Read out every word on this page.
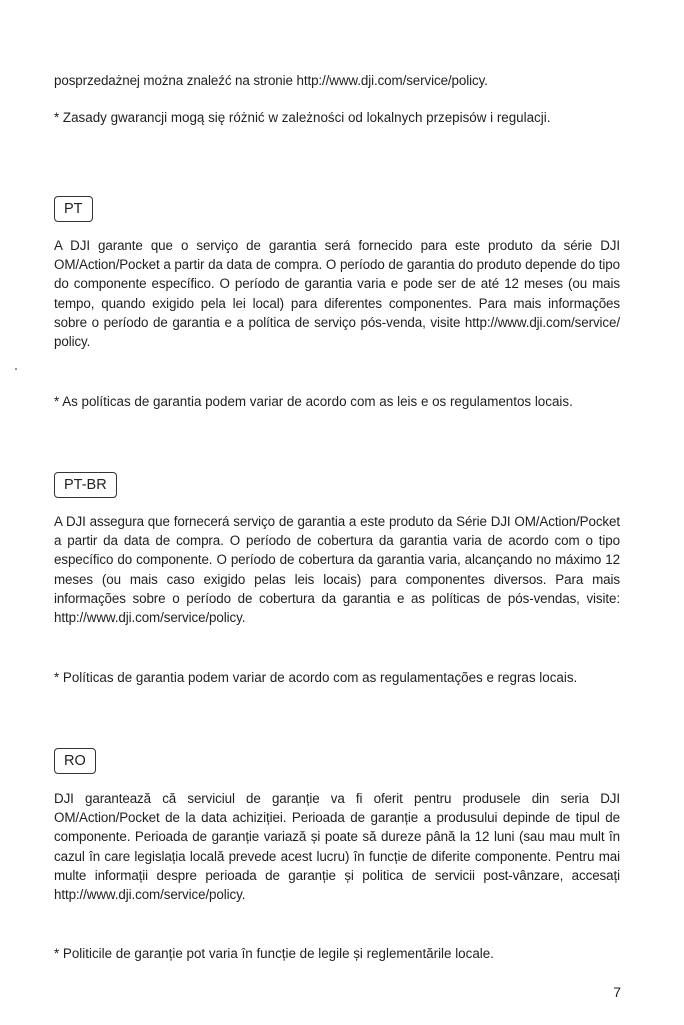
posprzedażnej można znaleźć na stronie http://www.dji.com/service/policy.

* Zasady gwarancji mogą się różnić w zależności od lokalnych przepisów i regulacji.

PT

A DJI garante que o serviço de garantia será fornecido para este produto da série DJI OM/Action/Pocket a partir da data de compra. O período de garantia do produto depende do tipo do componente específico. O período de garantia varia e pode ser de até 12 meses (ou mais tempo, quando exigido pela lei local) para diferentes componentes. Para mais informações sobre o período de garantia e a política de serviço pós-venda, visite http://www.dji.com/service/ policy.

* As políticas de garantia podem variar de acordo com as leis e os regulamentos locais.

PT-BR

A DJI assegura que fornecerá serviço de garantia a este produto da Série DJI OM/Action/Pocket a partir da data de compra. O período de cobertura da garantia varia de acordo com o tipo específico do componente. O período de cobertura da garantia varia, alcançando no máximo 12 meses (ou mais caso exigido pelas leis locais) para componentes diversos. Para mais informações sobre o período de cobertura da garantia e as políticas de pós-vendas, visite: http://www.dji.com/service/policy.

* Políticas de garantia podem variar de acordo com as regulamentações e regras locais.

RO

DJI garantează că serviciul de garanție va fi oferit pentru produsele din seria DJI OM/Action/Pocket de la data achiziției. Perioada de garanție a produsului depinde de tipul de componente. Perioada de garanție variază și poate să dureze până la 12 luni (sau mau mult în cazul în care legislația locală prevede acest lucru) în funcție de diferite componente. Pentru mai multe informații despre perioada de garanție și politica de servicii post-vânzare, accesați http://www.dji.com/service/policy.

* Politicile de garanție pot varia în funcție de legile și reglementările locale.

7
